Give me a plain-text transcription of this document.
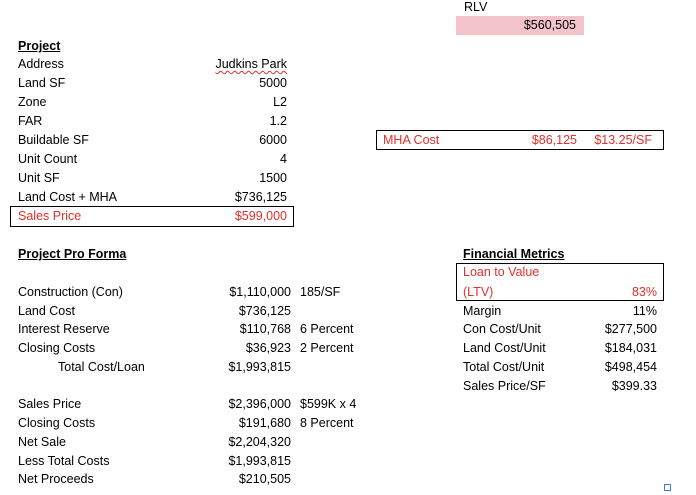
RLV
$560,505
Project
Address	Judkins Park
Land SF	5000
Zone	L2
FAR	1.2
Buildable SF	6000
Unit Count	4
Unit SF	1500
Land Cost + MHA	$736,125
Sales Price	$599,000
MHA Cost	$86,125	$13.25/SF
Project Pro Forma
Construction (Con)	$1,110,000 185/SF
Land Cost	$736,125
Interest Reserve	$110,768 6 Percent
Closing Costs	$36,923 2 Percent
Total Cost/Loan	$1,993,815
Sales Price	$2,396,000 $599K x 4
Closing Costs	$191,680 8 Percent
Net Sale	$2,204,320
Less Total Costs	$1,993,815
Net Proceeds	$210,505
Financial Metrics
Loan to Value
(LTV)	83%
Margin	11%
Con Cost/Unit	$277,500
Land Cost/Unit	$184,031
Total Cost/Unit	$498,454
Sales Price/SF	$399.33
